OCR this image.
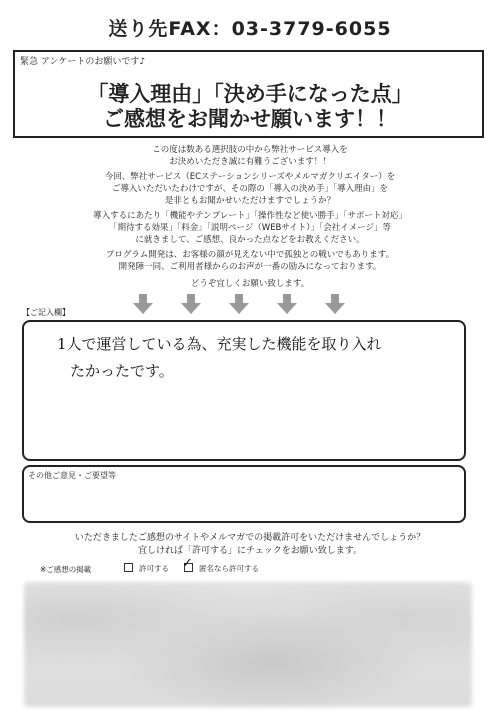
送り先FAX：03-3779-6055
緊急 アンケートのお願いです♪
「導入理由」「決め手になった点」
ご感想をお聞かせ願います！！
この度は数ある選択肢の中から弊社サービス導入を
お決めいただき誠に有難うございます！！
今回、弊社サービス（ECステーションシリーズやメルマガクリエイター）を
ご導入いただいたわけですが、その際の「導入の決め手」「導入理由」を
是非ともお聞かせいただけますでしょうか？
導入するにあたり「機能やテンプレート」「操作性など使い勝手」「サポート対応」
「期待する効果」「料金」「説明ページ（WEBサイト）」「会社イメージ」等
に就きまして、ご感想、良かった点などをお教えください。
プログラム開発は、お客様の顔が見えない中で孤独との戦いでもあります。
開発陣一同、ご利用者様からのお声が一番の励みになっております。
どうぞ宜しくお願い致します。
【ご記入欄】
1人で運営している為、充実した機能を取り入れ
たかったです。
その他ご意見・ご要望等
いただきましたご感想のサイトやメルマガでの掲載許可をいただけませんでしょうか？
宜しければ「許可する」にチェックをお願い致します。
※ご感想の掲載	許可する ✓ 匿名なら許可する
